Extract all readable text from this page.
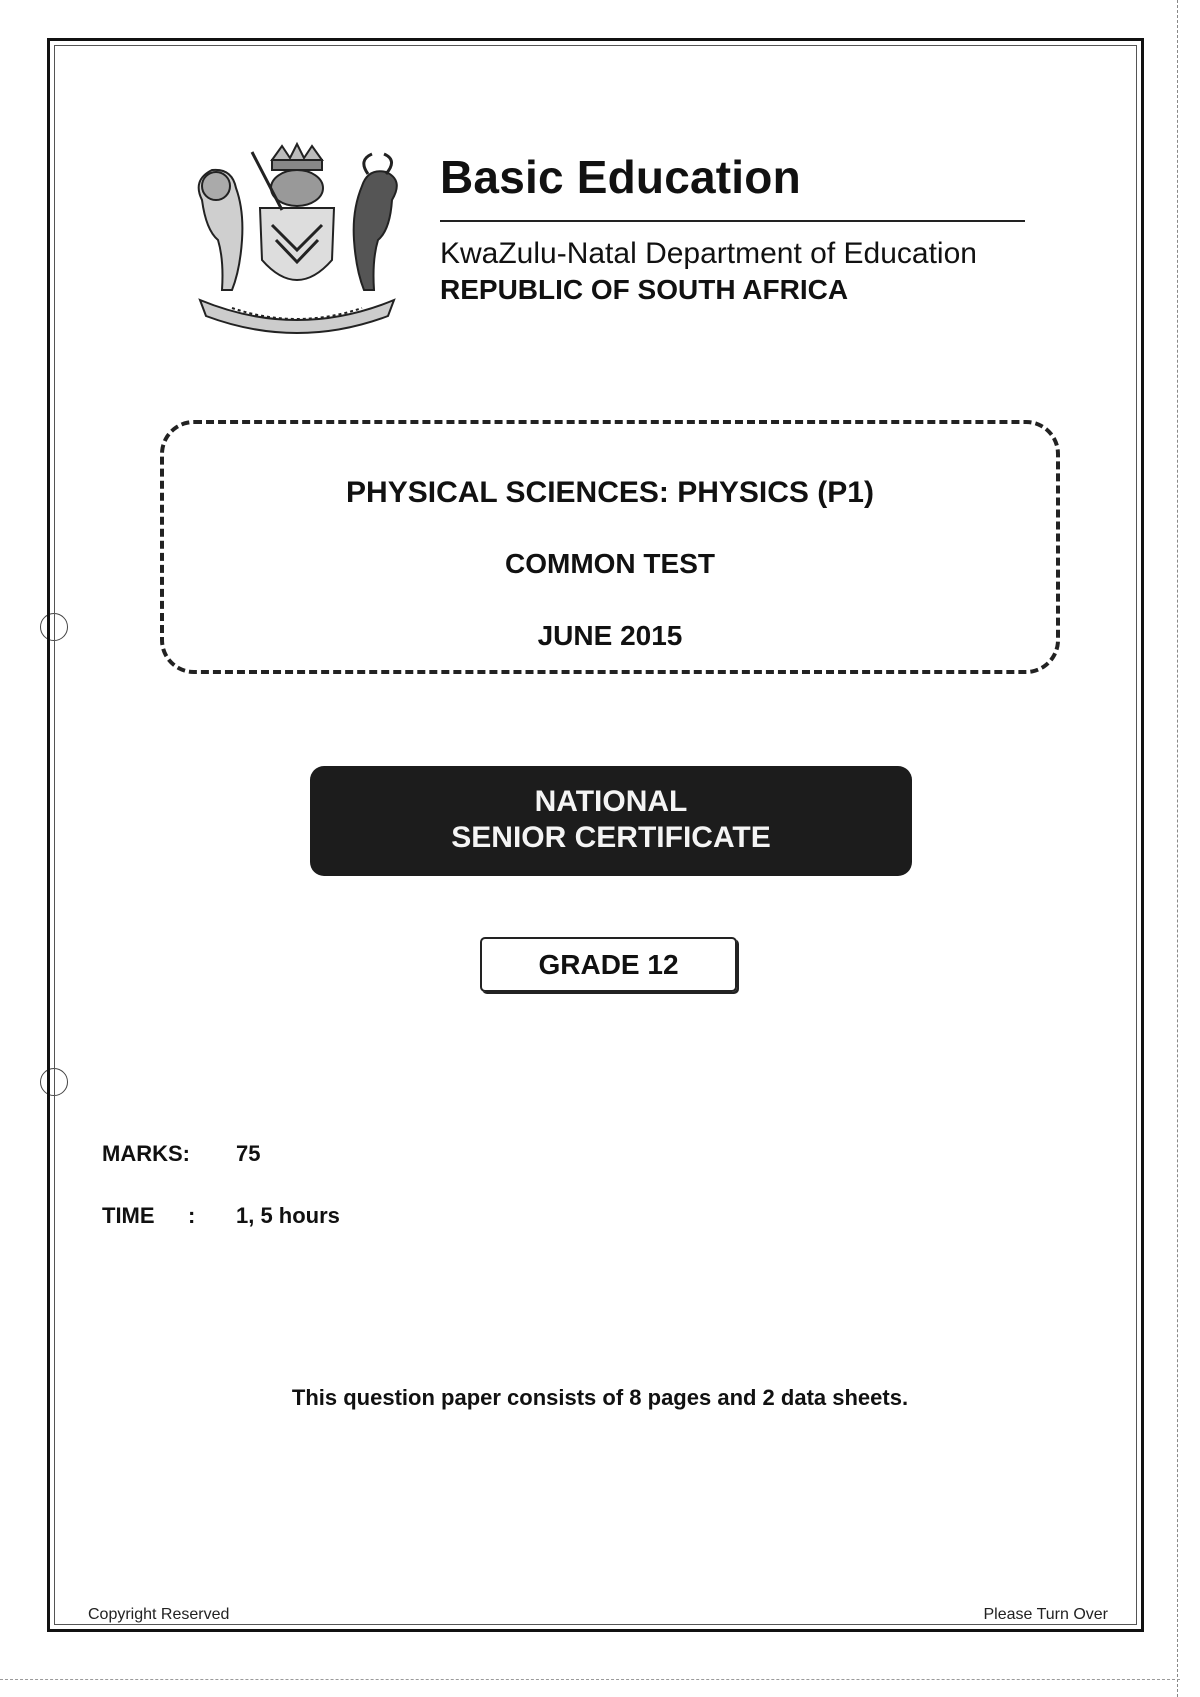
Basic Education
KwaZulu-Natal Department of Education
REPUBLIC OF SOUTH AFRICA
PHYSICAL SCIENCES: PHYSICS (P1)
COMMON TEST
JUNE 2015
NATIONAL
SENIOR CERTIFICATE
GRADE 12
MARKS: 75
TIME : 1, 5 hours
This question paper consists of 8 pages and 2 data sheets.
Copyright Reserved	Please Turn Over
